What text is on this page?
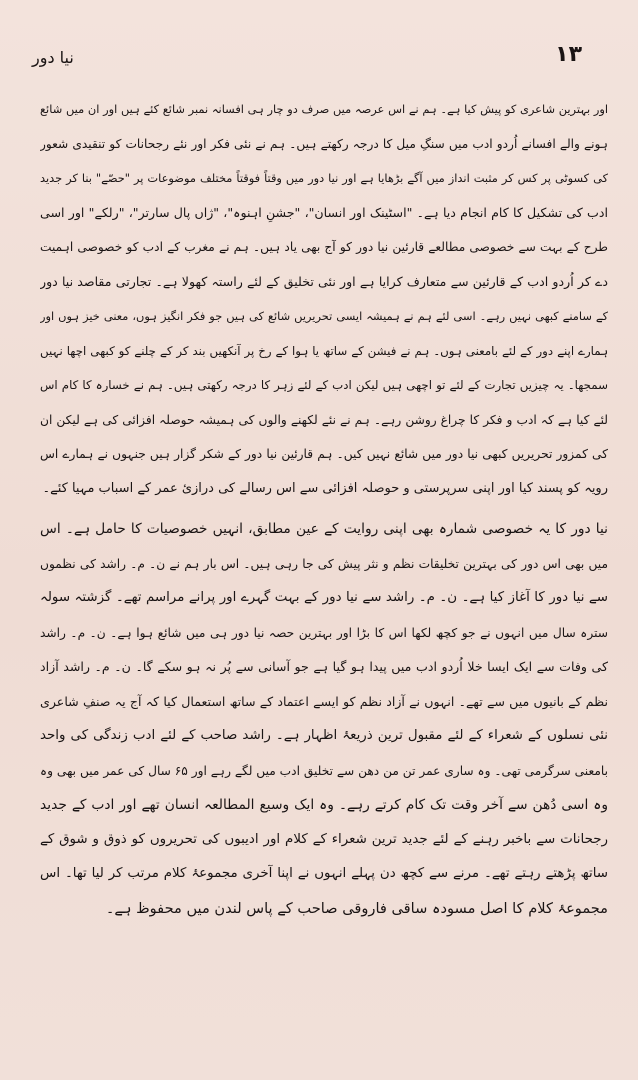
١٣
نیا دور
اور بہترین شاعری کو پیش کیا ہے۔ ہم نے اس عرصہ میں صرف دو چار ہی افسانہ نمبر شائع کئے ہیں اور ان میں شائع
ہونے والے افسانے اُردو ادب میں سنگِ میل کا درجہ رکھتے ہیں۔ ہم نے نئی فکر اور نئے رجحانات کو تنقیدی شعور
کی کسوٹی پر کس کر مثبت انداز میں آگے بڑھایا ہے اور نیا دور میں وقتاً فوقتاً مختلف موضوعات پر "حصّے" بنا کر جدید
ادب کی تشکیل کا کام انجام دیا ہے۔ "اسٹینک اور انسان"، "جشنِ اہنوہ"، "ژاں پال سارتر"، "رلکے" اور اسی
طرح کے بہت سے خصوصی مطالعے قارئین نیا دور کو آج بھی یاد ہیں۔ ہم نے مغرب کے ادب کو خصوصی اہمیت
دے کر اُردو ادب کے قارئین سے متعارف کرایا ہے اور نئی تخلیق کے لئے راستہ کھولا ہے۔ تجارتی مقاصد نیا دور
کے سامنے کبھی نہیں رہے۔ اسی لئے ہم نے ہمیشہ ایسی تحریریں شائع کی ہیں جو فکر انگیز ہوں، معنی خیز ہوں اور
ہمارے اپنے دور کے لئے بامعنی ہوں۔ ہم نے فیشن کے ساتھ یا ہوا کے رخ پر آنکھیں بند کر کے چلنے کو کبھی اچھا نہیں
سمجھا۔ یہ چیزیں تجارت کے لئے تو اچھی ہیں لیکن ادب کے لئے زہر کا درجہ رکھتی ہیں۔ ہم نے خسارہ کا کام اس
لئے کیا ہے کہ ادب و فکر کا چراغ روشن رہے۔ ہم نے نئے لکھنے والوں کی ہمیشہ حوصلہ افزائی کی ہے لیکن ان
کی کمزور تحریریں کبھی نیا دور میں شائع نہیں کیں۔ ہم قارئین نیا دور کے شکر گزار ہیں جنہوں نے ہمارے اس
رویہ کو پسند کیا اور اپنی سرپرستی و حوصلہ افزائی سے اس رسالے کی درازیٔ عمر کے اسباب مہیا کئے۔
نیا دور کا یہ خصوصی شمارہ بھی اپنی روایت کے عین مطابق، انہیں خصوصیات کا حامل ہے۔ اس
میں بھی اس دور کی بہترین تخلیقات نظم و نثر پیش کی جا رہی ہیں۔ اس بار ہم نے ن۔ م۔ راشد کی نظموں
سے نیا دور کا آغاز کیا ہے۔ ن۔ م۔ راشد سے نیا دور کے بہت گہرے اور پرانے مراسم تھے۔ گزشتہ سولہ
سترہ سال میں انہوں نے جو کچھ لکھا اس کا بڑا اور بہترین حصہ نیا دور ہی میں شائع ہوا ہے۔ ن۔ م۔ راشد
کی وفات سے ایک ایسا خلا اُردو ادب میں پیدا ہو گیا ہے جو آسانی سے پُر نہ ہو سکے گا۔ ن۔ م۔ راشد آزاد
نظم کے بانیوں میں سے تھے۔ انہوں نے آزاد نظم کو ایسے اعتماد کے ساتھ استعمال کیا کہ آج یہ صنفِ شاعری
نئی نسلوں کے شعراء کے لئے مقبول ترین ذریعۂ اظہار ہے۔ راشد صاحب کے لئے ادب زندگی کی واحد
بامعنی سرگرمی تھی۔ وہ ساری عمر تن من دھن سے تخلیق ادب میں لگے رہے اور ۶۵ سال کی عمر میں بھی وہ
وہ اسی دُھن سے آخر وقت تک کام کرتے رہے۔ وہ ایک وسیع المطالعہ انسان تھے اور ادب کے جدید
رجحانات سے باخبر رہنے کے لئے جدید ترین شعراء کے کلام اور ادیبوں کی تحریروں کو ذوق و شوق کے
ساتھ پڑھتے رہتے تھے۔ مرنے سے کچھ دن پہلے انہوں نے اپنا آخری مجموعۂ کلام مرتب کر لیا تھا۔ اس
مجموعۂ کلام کا اصل مسودہ ساقی فاروقی صاحب کے پاس لندن میں محفوظ ہے۔
